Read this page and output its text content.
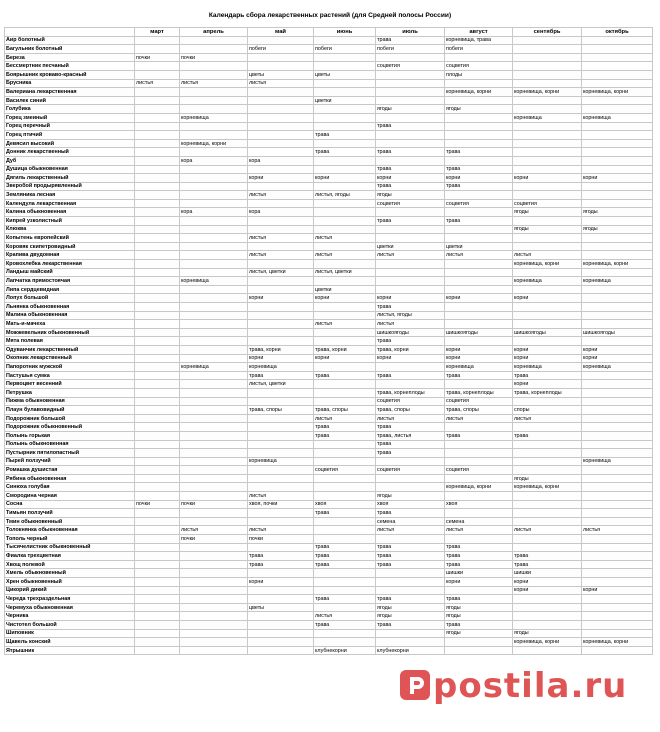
Календарь сбора лекарственных растений (для Средней полосы России)
	март	апрель	май	июнь	июль	август	сентябрь	октябрь
Аир болотный					трава	корневища, трава		
Багульник болотный			побеги	побеги	побеги	побеги		
Береза	почки	почки						
Бессмертник песчаный					соцветия	соцветия		
Боярышник кроваво-красный			цветы	цветы		плоды		
Брусника	листья	листья	листья					
Валериана лекарственная						корневища, корни	корневища, корни	корневища, корни
Василек синий				цветки				
Голубика					ягоды	ягоды		
Горец змеиный		корневища					корневища	корневища
Горец перечный					трава			
Горец птичий				трава				
Девясил высокий		корневища, корни						
Донник лекарственный				трава	трава	трава		
Дуб		кора	кора					
Душица обыкновенная					трава	трава		
Дягиль лекарственный			корни	корни	корни	корни	корни	корни
Зверобой продырявленный					трава	трава		
Земляника лесная			листья	листья, ягоды	ягоды			
Календула лекарственная					соцветия	соцветия	соцветия	
Калина обыкновенная		кора	кора				ягоды	ягоды
Кипрей узколистный					трава	трава		
Клюква							ягоды	ягоды
Копытень европейский			листья	листья				
Коровяк скипетровидный					цветки	цветки		
Крапива двудомная			листья	листья	листья	листья	листья	
Кровохлебка лекарственная							корневища, корни	корневища, корни
Ландыш майский			листья, цветки	листья, цветки				
Лапчатка прямостоячая		корневища					корневища	корневища
Липа сердцевидная				цветки				
Лопух большой			корни	корни	корни	корни	корни	
Льнянка обыкновенная					трава			
Малина обыкновенная					листья, ягоды			
Мать-и-мачеха				листья	листья			
Можжевельник обыкновенный					шишкоягоды	шишкоягоды	шишкоягоды	шишкоягоды
Мята полевая					трава			
Одуванчик лекарственный			трава, корни	трава, корни	трава, корни	корни	корни	корни
Окопник лекарственный			корни	корни	корни	корни	корни	корни
Папоротник мужской		корневища	корневища			корневища	корневища	корневища
Пастушья сумка			трава	трава	трава	трава	трава	
Первоцвет весенний			листья, цветки				корни	
Петрушка					трава, корнеплоды	трава, корнеплоды	трава, корнеплоды	
Пижма обыкновенная					соцветия	соцветия		
Плаун булавовидный			трава, споры	трава, споры	трава, споры	трава, споры	споры	
Подорожник большой				листья	листья	листья	листья	
Подорожник обыкновенный				трава	трава			
Полынь горькая				трава	трава, листья	трава	трава	
Полынь обыкновенная					трава			
Пустырник пятилопастный					трава			
Пырей ползучий			корневища					корневища
Ромашка душистая				соцветия	соцветия	соцветия		
Рябина обыкновенная							ягоды	
Синюха голубая						корневища, корни	корневища, корни	
Смородина черная			листья		ягоды			
Сосна	почки	почки	хвоя, почки	хвоя	хвоя	хвоя		
Тимьян ползучий				трава	трава			
Тмин обыкновенный					семена	семена		
Толокнянка обыкновенная		листья	листья		листья	листья	листья	листья
Тополь черный		почки	почки					
Тысячелистник обыкновенный				трава	трава	трава		
Фиалка трехцветная			трава	трава	трава	трава	трава	
Хвощ полевой			трава	трава	трава	трава	трава	
Хмель обыкновенный						шишки	шишки	
Хрен обыкновенный			корни			корни	корни	
Цикорий дикий							корни	корни
Череда трехраздельная				трава	трава	трава		
Черемуха обыкновенная			цветы		ягоды	ягоды		
Черника				листья	ягоды	ягоды		
Чистотел большой				трава	трава	трава		
Шиповник						ягоды	ягоды	
Щавель конский							корневища, корни	корневища, корни
Ятрышник				клубнекорни	клубнекорни			
postila.ru
